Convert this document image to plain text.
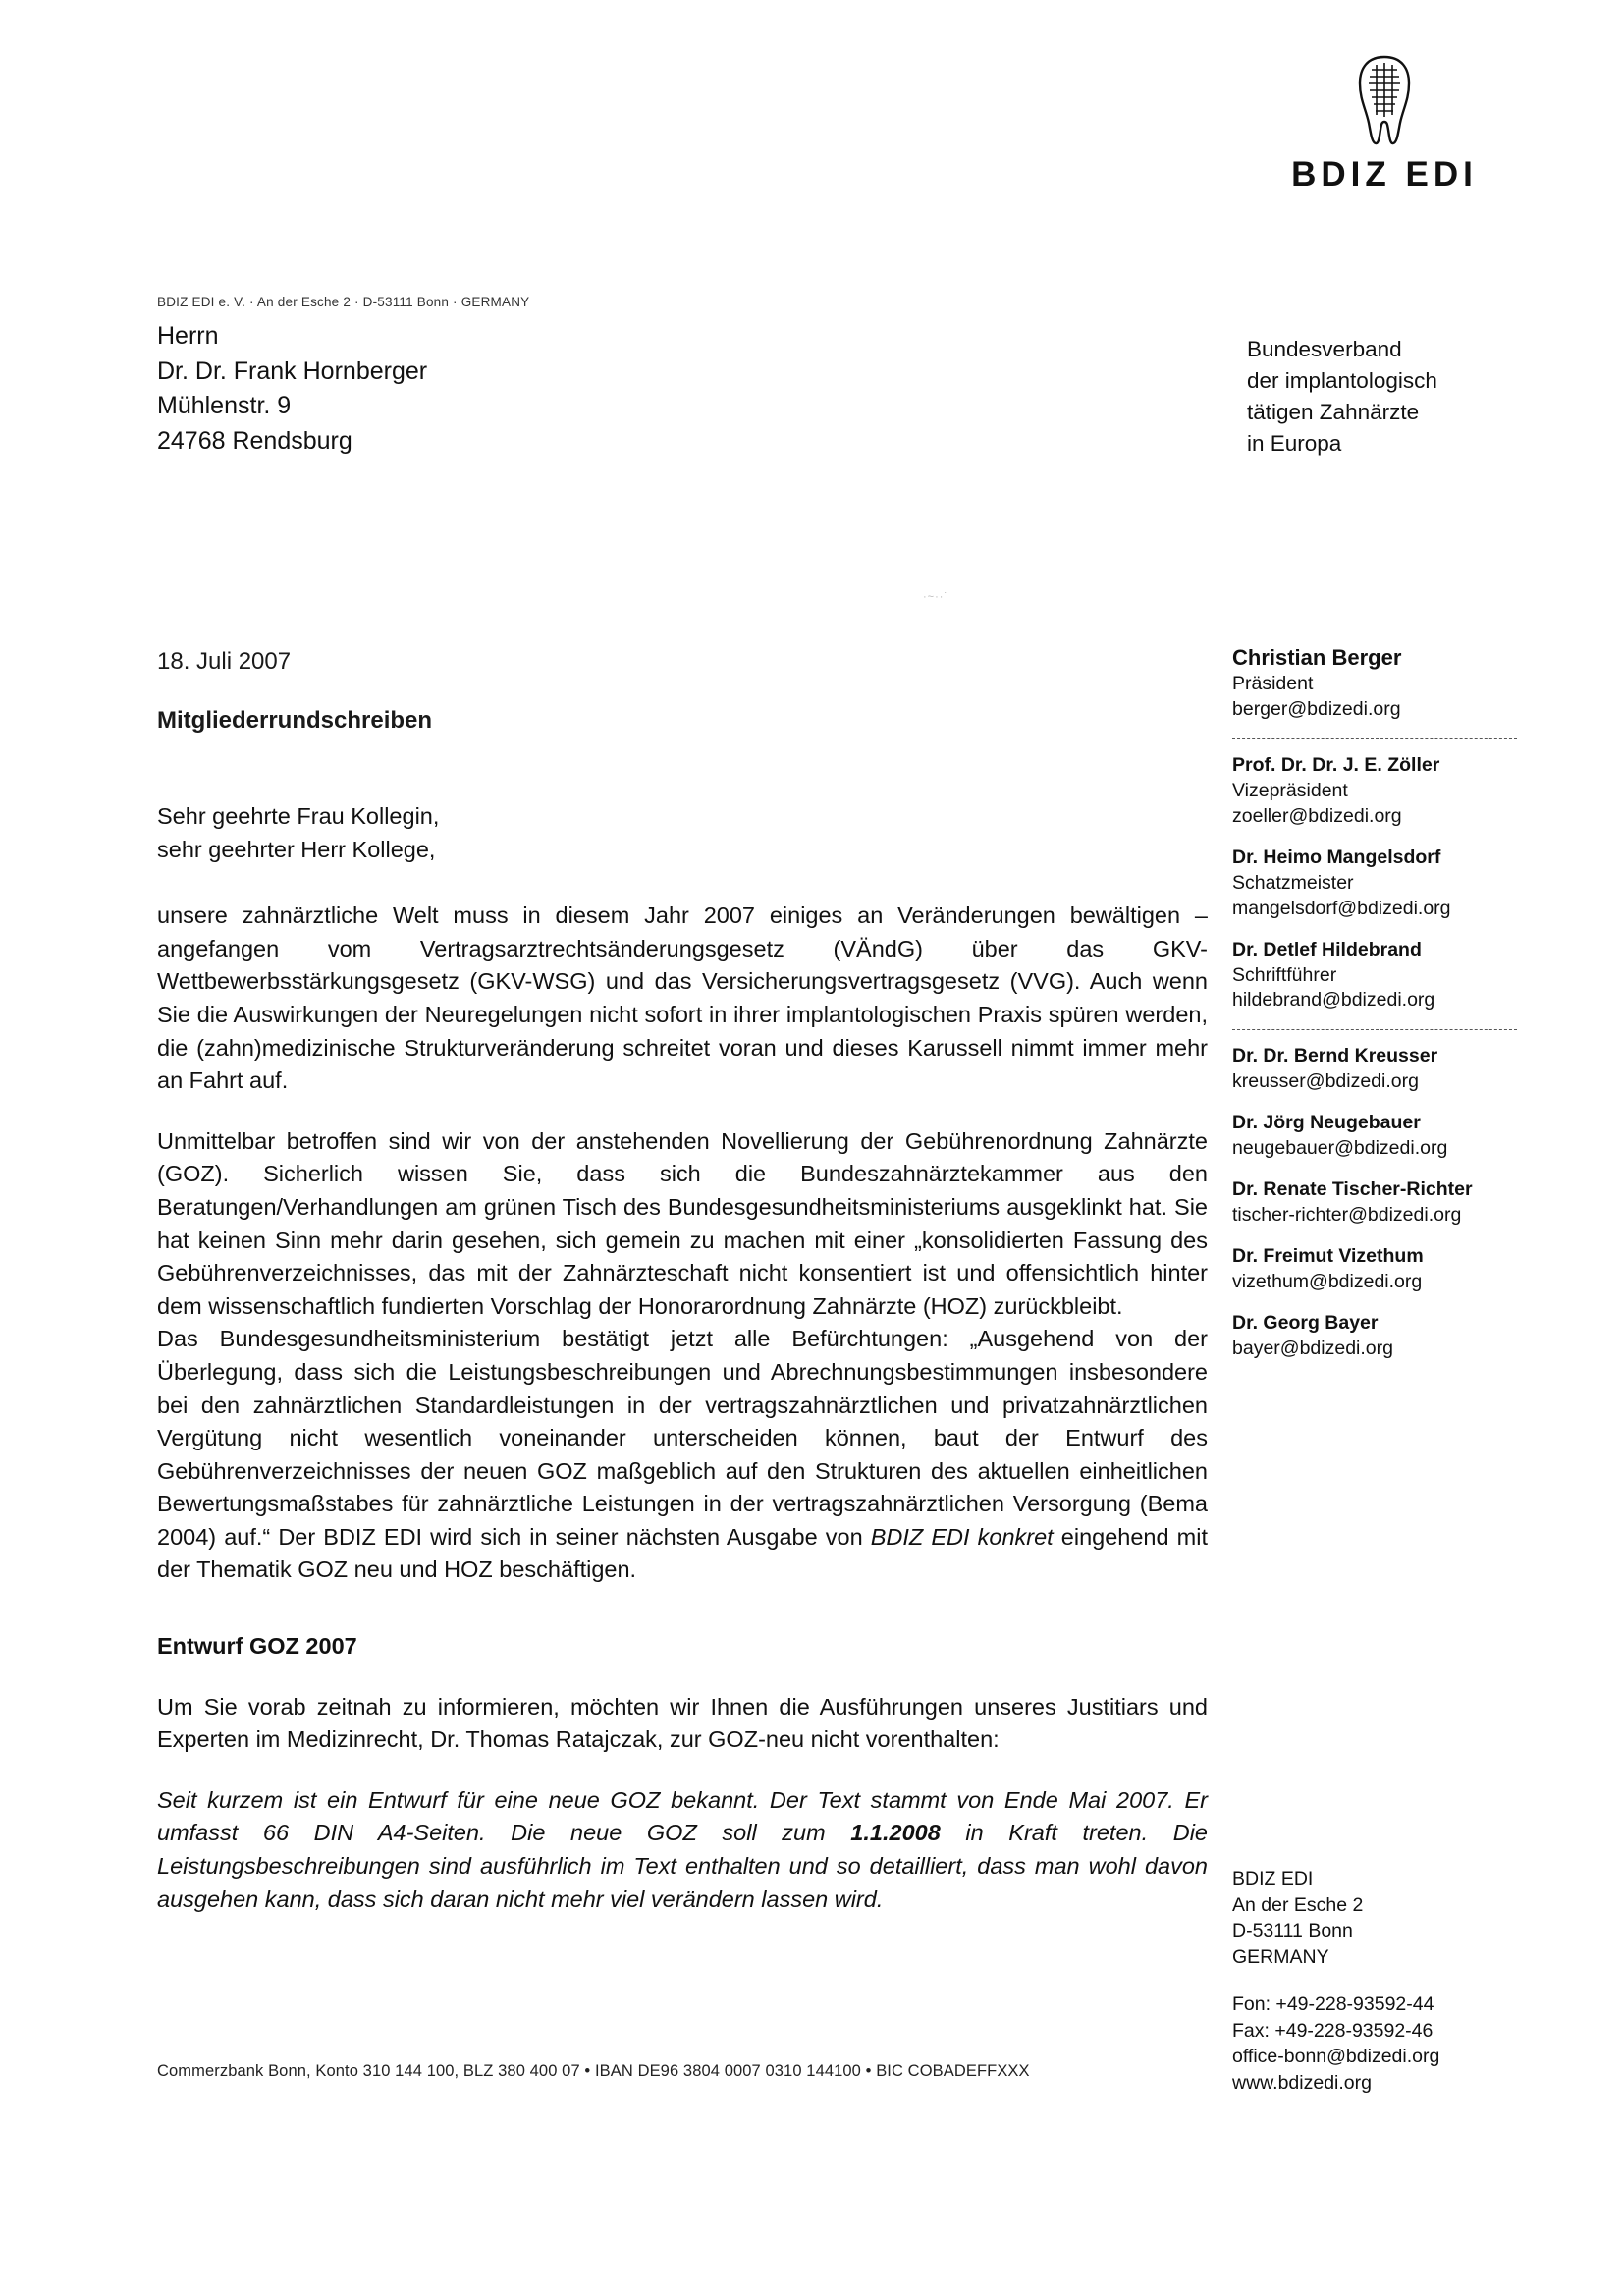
BDIZ EDI
BDIZ EDI e. V. · An der Esche 2 · D-53111 Bonn · GERMANY
Herrn
Dr. Dr. Frank Hornberger
Mühlenstr. 9
24768 Rendsburg
Bundesverband
der implantologisch
tätigen Zahnärzte
in Europa
·~··˙
18. Juli 2007
Mitgliederrundschreiben

Sehr geehrte Frau Kollegin,
sehr geehrter Herr Kollege,

unsere zahnärztliche Welt muss in diesem Jahr 2007 einiges an Veränderungen bewältigen – angefangen vom Vertragsarztrechtsänderungsgesetz (VÄndG) über das GKV-Wettbewerbsstärkungsgesetz (GKV-WSG) und das Versicherungsvertragsgesetz (VVG). Auch wenn Sie die Auswirkungen der Neuregelungen nicht sofort in ihrer implantologischen Praxis spüren werden, die (zahn)medizinische Strukturveränderung schreitet voran und dieses Karussell nimmt immer mehr an Fahrt auf.

Unmittelbar betroffen sind wir von der anstehenden Novellierung der Gebührenordnung Zahnärzte (GOZ). Sicherlich wissen Sie, dass sich die Bundeszahnärztekammer aus den Beratungen/Verhandlungen am grünen Tisch des Bundesgesundheitsministeriums ausgeklinkt hat. Sie hat keinen Sinn mehr darin gesehen, sich gemein zu machen mit einer „konsolidierten Fassung des Gebührenverzeichnisses, das mit der Zahnärzteschaft nicht konsentiert ist und offensichtlich hinter dem wissenschaftlich fundierten Vorschlag der Honorarordnung Zahnärzte (HOZ) zurückbleibt.

Das Bundesgesundheitsministerium bestätigt jetzt alle Befürchtungen: „Ausgehend von der Überlegung, dass sich die Leistungsbeschreibungen und Abrechnungsbestimmungen insbesondere bei den zahnärztlichen Standardleistungen in der vertragszahnärztlichen und privatzahnärztlichen Vergütung nicht wesentlich voneinander unterscheiden können, baut der Entwurf des Gebührenverzeichnisses der neuen GOZ maßgeblich auf den Strukturen des aktuellen einheitlichen Bewertungsmaßstabes für zahnärztliche Leistungen in der vertragszahnärztlichen Versorgung (Bema 2004) auf.“ Der BDIZ EDI wird sich in seiner nächsten Ausgabe von BDIZ EDI konkret eingehend mit der Thematik GOZ neu und HOZ beschäftigen.

Entwurf GOZ 2007

Um Sie vorab zeitnah zu informieren, möchten wir Ihnen die Ausführungen unseres Justitiars und Experten im Medizinrecht, Dr. Thomas Ratajczak, zur GOZ-neu nicht vorenthalten:

Seit kurzem ist ein Entwurf für eine neue GOZ bekannt. Der Text stammt von Ende Mai 2007. Er umfasst 66 DIN A4-Seiten. Die neue GOZ soll zum 1.1.2008 in Kraft treten. Die Leistungsbeschreibungen sind ausführlich im Text enthalten und so detailliert, dass man wohl davon ausgehen kann, dass sich daran nicht mehr viel verändern lassen wird.

Christian Berger
Präsident
berger@bdizedi.org
Prof. Dr. Dr. J. E. Zöller
Vizepräsident
zoeller@bdizedi.org
Dr. Heimo Mangelsdorf
Schatzmeister
mangelsdorf@bdizedi.org
Dr. Detlef Hildebrand
Schriftführer
hildebrand@bdizedi.org
Dr. Dr. Bernd Kreusser
kreusser@bdizedi.org
Dr. Jörg Neugebauer
neugebauer@bdizedi.org
Dr. Renate Tischer-Richter
tischer-richter@bdizedi.org
Dr. Freimut Vizethum
vizethum@bdizedi.org
Dr. Georg Bayer
bayer@bdizedi.org
BDIZ EDI
An der Esche 2
D-53111 Bonn
GERMANY
Fon: +49-228-93592-44
Fax: +49-228-93592-46
office-bonn@bdizedi.org
www.bdizedi.org
Commerzbank Bonn, Konto 310 144 100, BLZ 380 400 07 • IBAN DE96 3804 0007 0310 144100 • BIC COBADEFFXXX
